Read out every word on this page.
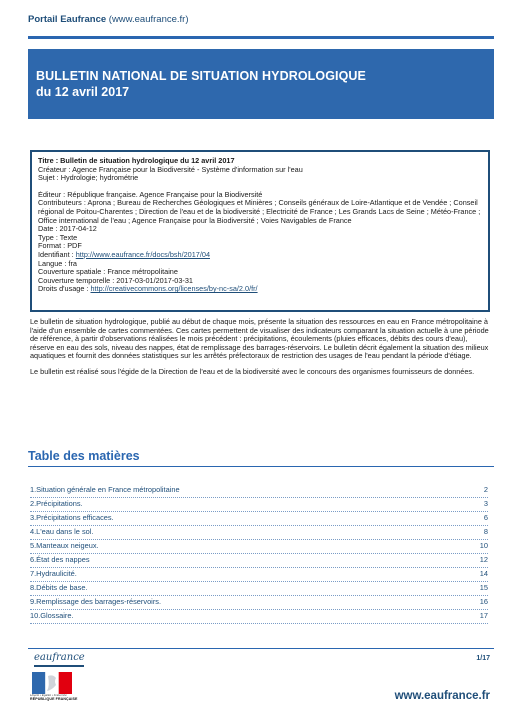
Portail Eaufrance (www.eaufrance.fr)
BULLETIN NATIONAL DE SITUATION HYDROLOGIQUE
du 12 avril 2017
Titre : Bulletin de situation hydrologique du 12 avril 2017
Créateur : Agence Française pour la Biodiversité - Système d'information sur l'eau
Sujet : Hydrologie; hydrométrie
Éditeur : République française. Agence Française pour la Biodiversité
Contributeurs : Aprona ; Bureau de Recherches Géologiques et Minières ; Conseils généraux de Loire-Atlantique et de Vendée ; Conseil régional de Poitou-Charentes ; Direction de l'eau et de la biodiversité ; Electricité de France ; Les Grands Lacs de Seine ; Météo-France ; Office international de l'eau ; Agence Française pour la Biodiversité ; Voies Navigables de France
Date : 2017-04-12
Type : Texte
Format : PDF
Identifiant : http://www.eaufrance.fr/docs/bsh/2017/04
Langue : fra
Couverture spatiale : France métropolitaine
Couverture temporelle : 2017-03-01/2017-03-31
Droits d'usage : http://creativecommons.org/licenses/by-nc-sa/2.0/fr/

Le bulletin de situation hydrologique, publié au début de chaque mois, présente la situation des ressources en eau en France métropolitaine à l'aide d'un ensemble de cartes commentées. Ces cartes permettent de visualiser des indicateurs comparant la situation actuelle à une période de référence, à partir d'observations réalisées le mois précédent : précipitations, écoulements (pluies efficaces, débits des cours d'eau), réserve en eau des sols, niveau des nappes, état de remplissage des barrages-réservoirs. Le bulletin décrit également la situation des milieux aquatiques et fournit des données statistiques sur les arrêtés préfectoraux de restriction des usages de l'eau pendant la période d'étiage.

Le bulletin est réalisé sous l'égide de la Direction de l'eau et de la biodiversité avec le concours des organismes fournisseurs de données.

Table des matières
1.Situation générale en France métropolitaine	2
2.Précipitations.	3
3.Précipitations efficaces.	6
4.L'eau dans le sol.	8
5.Manteaux neigeux.	10
6.État des nappes	12
7.Hydraulicité.	14
8.Débits de base.	15
9.Remplissage des barrages-réservoirs.	16
10.Glossaire.	17
eaufrance
Liberté • Égalité • Fraternité
RÉPUBLIQUE FRANÇAISE
1/17
www.eaufrance.fr
